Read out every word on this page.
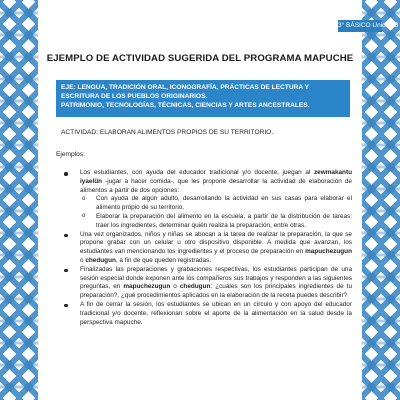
3° BÁSICO Unidad 3
EJEMPLO DE ACTIVIDAD SUGERIDA DEL PROGRAMA MAPUCHE
EJE: LENGUA, TRADICIÓN ORAL, ICONOGRAFÍA, PRÁCTICAS DE LECTURA Y ESCRITURA DE LOS PUEBLOS ORIGINARIOS.
PATRIMONIO, TECNOLOGÍAS, TÉCNICAS, CIENCIAS Y ARTES ANCESTRALES.
ACTIVIDAD: ELABORAN ALIMENTOS PROPIOS DE SU TERRITORIO.
Ejemplos:
Los estudiantes, con ayuda del educador tradicional y/o docente, juegan al zewmakantu iyaelün -jugar a hacer comida-, que les propone desarrollar la actividad de elaboración de alimentos a partir de dos opciones:
o Con ayuda de algún adulto, desarrollando la actividad en sus casas para elaborar el alimento propio de su territorio.
o Elaborar la preparación del alimento en la escuela, a partir de la distribución de tareas: traer los ingredientes, determinar quién realiza la preparación, entre otras.
Una vez organizados, niños y niñas se abocan a la tarea de realizar la preparación, la que se propone grabar con un celular u otro dispositivo disponible. A medida que avanzan, los estudiantes van mencionando los ingredientes y el proceso de preparación en mapuchezugun o chedugun, a fin de que queden registradas.
Finalizadas las preparaciones y grabaciones respectivas, los estudiantes participan de una sesión especial donde exponen ante los compañeros sus trabajos y responden a las siguientes preguntas, en mapuchezugun o chedugun: ¿cuáles son los principales ingredientes de tu preparación?, ¿qué procedimientos aplicados en la elaboración de la receta puedes describir?
A fin de cerrar la sesión, los estudiantes se ubican en un círculo y con apoyo del educador tradicional y/o docente, reflexionan sobre el aporte de la alimentación en la salud desde la perspectiva mapuche.
